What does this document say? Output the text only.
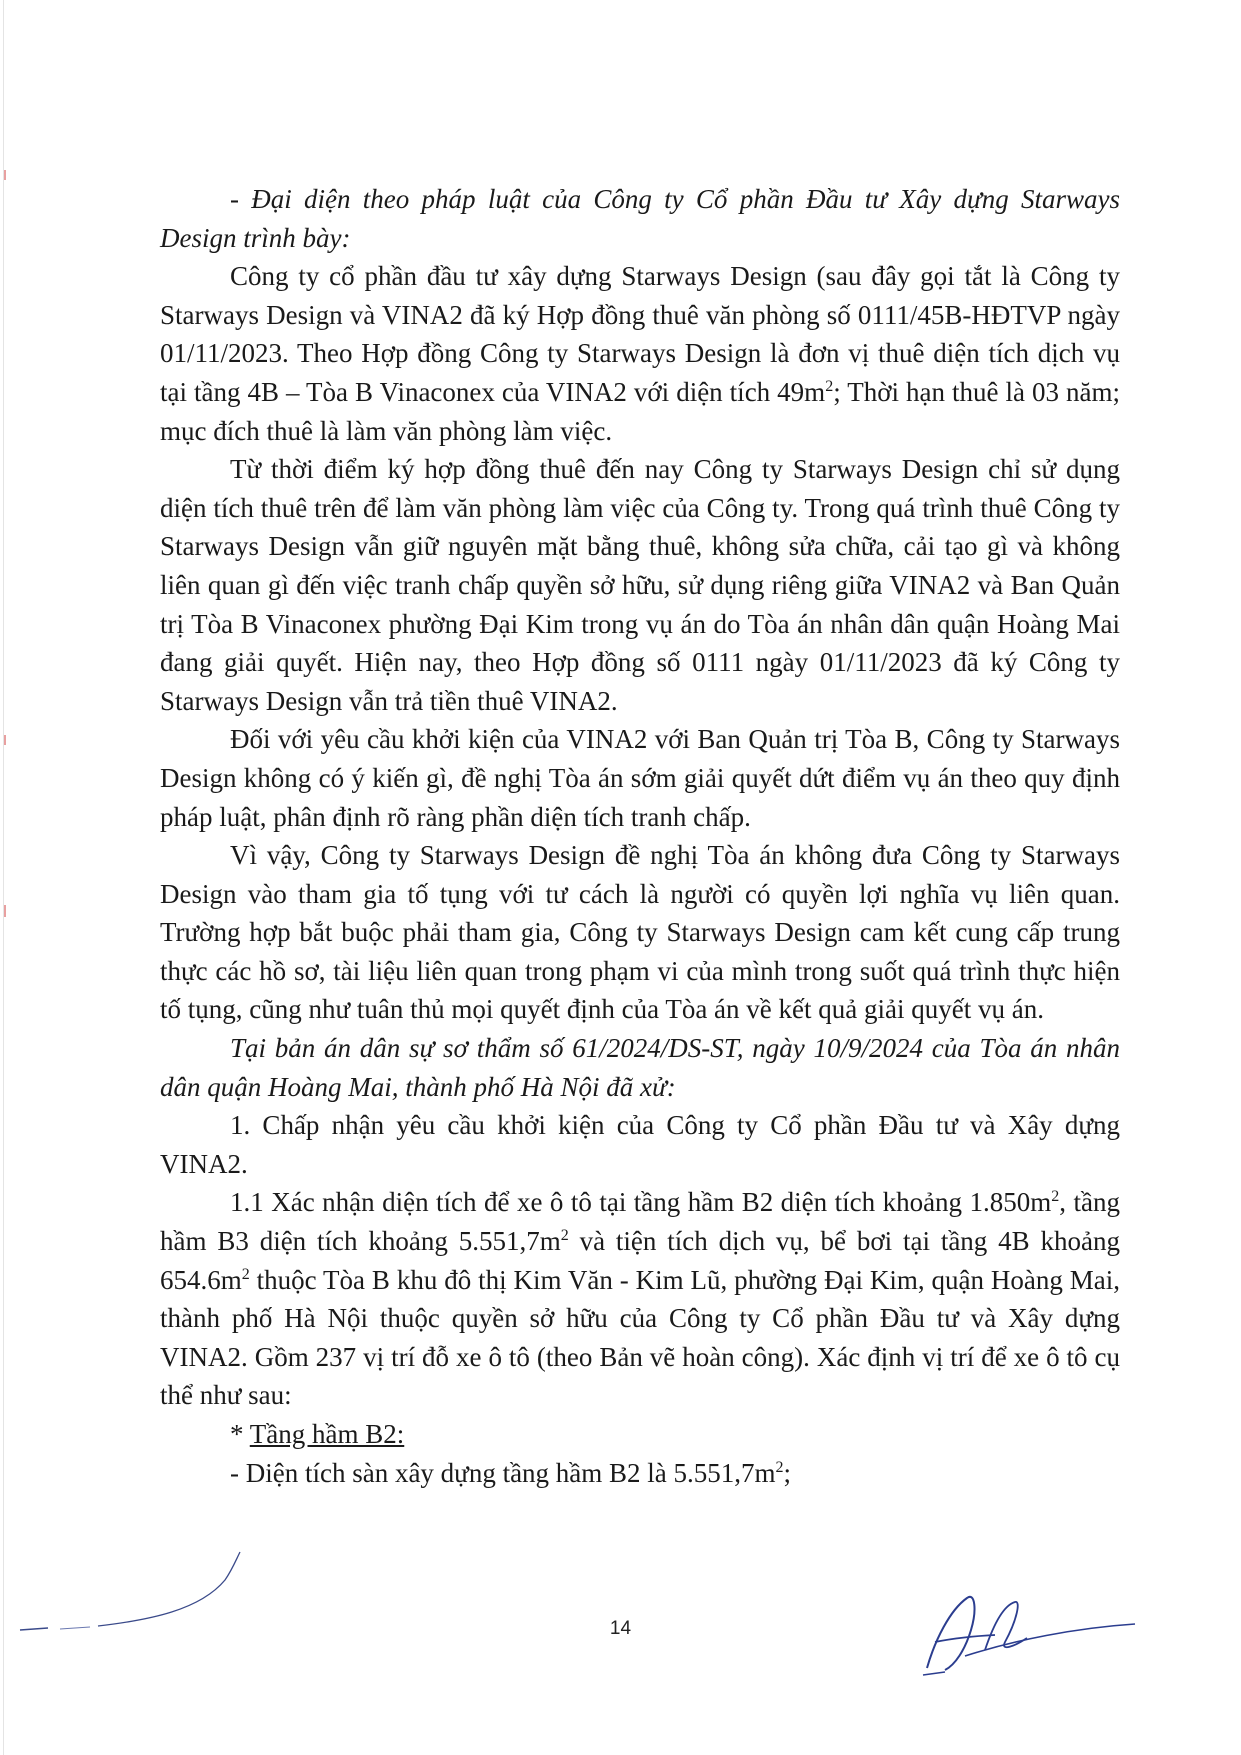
- Đại diện theo pháp luật của Công ty Cổ phần Đầu tư Xây dựng Starways Design trình bày:

Công ty cổ phần đầu tư xây dựng Starways Design (sau đây gọi tắt là Công ty Starways Design và VINA2 đã ký Hợp đồng thuê văn phòng số 0111/45B-HĐTVP ngày 01/11/2023. Theo Hợp đồng Công ty Starways Design là đơn vị thuê diện tích dịch vụ tại tầng 4B – Tòa B Vinaconex của VINA2 với diện tích $49m^2$; Thời hạn thuê là 03 năm; mục đích thuê là làm văn phòng làm việc.

Từ thời điểm ký hợp đồng thuê đến nay Công ty Starways Design chỉ sử dụng diện tích thuê trên để làm văn phòng làm việc của Công ty. Trong quá trình thuê Công ty Starways Design vẫn giữ nguyên mặt bằng thuê, không sửa chữa, cải tạo gì và không liên quan gì đến việc tranh chấp quyền sở hữu, sử dụng riêng giữa VINA2 và Ban Quản trị Tòa B Vinaconex phường Đại Kim trong vụ án do Tòa án nhân dân quận Hoàng Mai đang giải quyết. Hiện nay, theo Hợp đồng số 0111 ngày 01/11/2023 đã ký Công ty Starways Design vẫn trả tiền thuê VINA2.

Đối với yêu cầu khởi kiện của VINA2 với Ban Quản trị Tòa B, Công ty Starways Design không có ý kiến gì, đề nghị Tòa án sớm giải quyết dứt điểm vụ án theo quy định pháp luật, phân định rõ ràng phần diện tích tranh chấp.

Vì vậy, Công ty Starways Design đề nghị Tòa án không đưa Công ty Starways Design vào tham gia tố tụng với tư cách là người có quyền lợi nghĩa vụ liên quan. Trường hợp bắt buộc phải tham gia, Công ty Starways Design cam kết cung cấp trung thực các hồ sơ, tài liệu liên quan trong phạm vi của mình trong suốt quá trình thực hiện tố tụng, cũng như tuân thủ mọi quyết định của Tòa án về kết quả giải quyết vụ án.

Tại bản án dân sự sơ thẩm số 61/2024/DS-ST, ngày 10/9/2024 của Tòa án nhân dân quận Hoàng Mai, thành phố Hà Nội đã xử:

1. Chấp nhận yêu cầu khởi kiện của Công ty Cổ phần Đầu tư và Xây dựng VINA2.

1.1 Xác nhận diện tích để xe ô tô tại tầng hầm B2 diện tích khoảng $1.850m^2$, tầng hầm B3 diện tích khoảng $5.551,7m^2$ và tiện tích dịch vụ, bể bơi tại tầng 4B khoảng $654.6m^2$ thuộc Tòa B khu đô thị Kim Văn - Kim Lũ, phường Đại Kim, quận Hoàng Mai, thành phố Hà Nội thuộc quyền sở hữu của Công ty Cổ phần Đầu tư và Xây dựng VINA2. Gồm 237 vị trí đỗ xe ô tô (theo Bản vẽ hoàn công). Xác định vị trí để xe ô tô cụ thể như sau:

* Tầng hầm B2:

- Diện tích sàn xây dựng tầng hầm B2 là $5.551,7m^2$;

14
